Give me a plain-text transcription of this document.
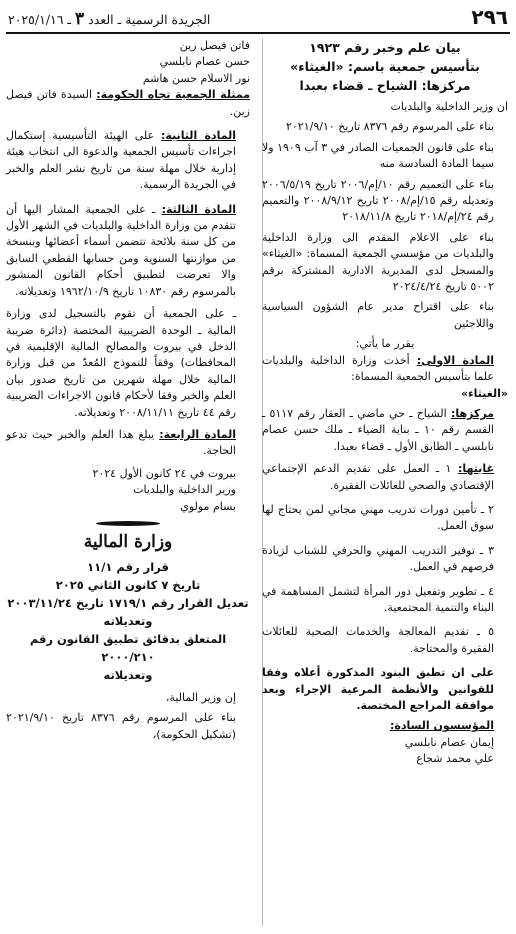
٢٩٦
الجريدة الرسمية ـ العدد ٣ ـ ٢٠٢٥/١/١٦

بيان علم وخبر رقم ١٩٢٣

بتأسيس جمعية باسم: «الغيثاء»

مركزها: الشياح ـ قضاء بعبدا

ان وزير الداخلية والبلديات

بناء على المرسوم رقم ٨٣٧٦ تاريخ ٢٠٢١/٩/١٠

بناء على قانون الجمعيات الصادر في ٣ آب ١٩٠٩ ولا سيما المادة السادسة منه

بناء على التعميم رقم ١٠/إم/٢٠٠٦ تاريخ ٢٠٠٦/٥/١٩ وتعديله رقم ١٥/إم/٢٠٠٨ تاريخ ٢٠٠٨/٩/١٢ والتعميم رقم ٢٤/إم/٢٠١٨ تاريخ ٢٠١٨/١١/٨

بناء على الاعلام المقدم الى وزارة الداخلية والبلديات من مؤسسي الجمعية المسماة: «الغيثاء» والمسجل لدى المديرية الادارية المشتركة برقم ٥٠٠٢ تاريخ ٢٠٢٤/٤/٢٤

بناء على اقتراح مدير عام الشؤون السياسية واللاجئين

يقرر ما يأتي:

المادة الاولى: أخذت وزارة الداخلية والبلديات علما بتأسيس الجمعية المسماة:

«الغيثاء»

مركزها: الشياح ـ حي ماضي ـ العقار رقم ٥١١٧ ـ القسم رقم ١٠ ـ بناية الضياء ـ ملك حسن عصام نابلسي ـ الطابق الأول ـ قضاء بعبدا.

غايتها: ١ ـ العمل على تقديم الدعم الإجتماعي الإقتصادي والصحي للعائلات الفقيرة.

٢ ـ تأمين دورات تدريب مهني مجاني لمن يحتاج لها سوق العمل.

٣ ـ توفير التدريب المهني والحرفي للشباب لزيادة فرصهم في العمل.

٤ ـ تطوير وتفعيل دور المرأة لتشمل المساهمة في البناء والتنمية المجتمعية.

٥ ـ تقديم المعالجة والخدمات الصحية للعائلات الفقيرة والمحتاجة.

على ان تطبق البنود المذكورة أعلاه وفقا للقوانين والأنظمة المرعية الإجراء وبعد موافقة المراجع المختصة.

المؤسسون السادة:

إيمان عصام نابلسي

علي محمد شجاع

فاتن فيصل زين

حسن عصام نابلسي

نور الاسلام حسن هاشم

ممثلة الجمعية تجاه الحكومة: السيدة فاتن فيصل زين.

المادة الثانية: على الهيئة التأسيسية إستكمال اجراءات تأسيس الجمعية والدعوة الى انتخاب هيئة إدارية خلال مهلة سنة من تاريخ نشر العلم والخبر في الجريدة الرسمية.

المادة الثالثة: ـ على الجمعية المشار اليها أن تتقدم من وزارة الداخلية والبلديات في الشهر الأول من كل سنة بلائحة تتضمن أسماء أعضائها وبنسخة من موازنتها السنوية ومن حسابها القطعي السابق والا تعرضت لتطبيق أحكام القانون المنشور بالمرسوم رقم ١٠٨٣٠ تاريخ ١٩٦٢/١٠/٩ وتعديلاته.

ـ على الجمعية أن تقوم بالتسجيل لدى وزارة المالية ـ الوحدة الضريبية المختصة (دائرة ضريبة الدخل في بيروت والمصالح المالية الإقليمية في المحافظات) وفقاً للنموذج المُعدّ من قبل وزارة المالية خلال مهلة شهرين من تاريخ صدور بيان العلم والخبر وفقا لأحكام قانون الاجراءات الضريبية رقم ٤٤ تاريخ ٢٠٠٨/١١/١١ وتعديلاته.

المادة الرابعة: يبلغ هذا العلم والخبر حيث تدعو الحاجة.

بيروت في ٢٤ كانون الأول ٢٠٢٤

وزير الداخلية والبلديات

بسام مولوي

وزارة المالية

قرار رقم ١١/١

تاريخ ٧ كانون الثاني ٢٠٢٥

تعديل القرار رقم ١٧١٩/١ تاريخ ٢٠٠٣/١١/٢٤

وتعديلاته

المتعلق بدقائق تطبيق القانون رقم ٢٠٠٠/٢١٠

وتعديلاته

إن وزير المالية،

بناء على المرسوم رقم ٨٣٧٦ تاريخ ٢٠٢١/٩/١٠ (تشكيل الحكومة)،
